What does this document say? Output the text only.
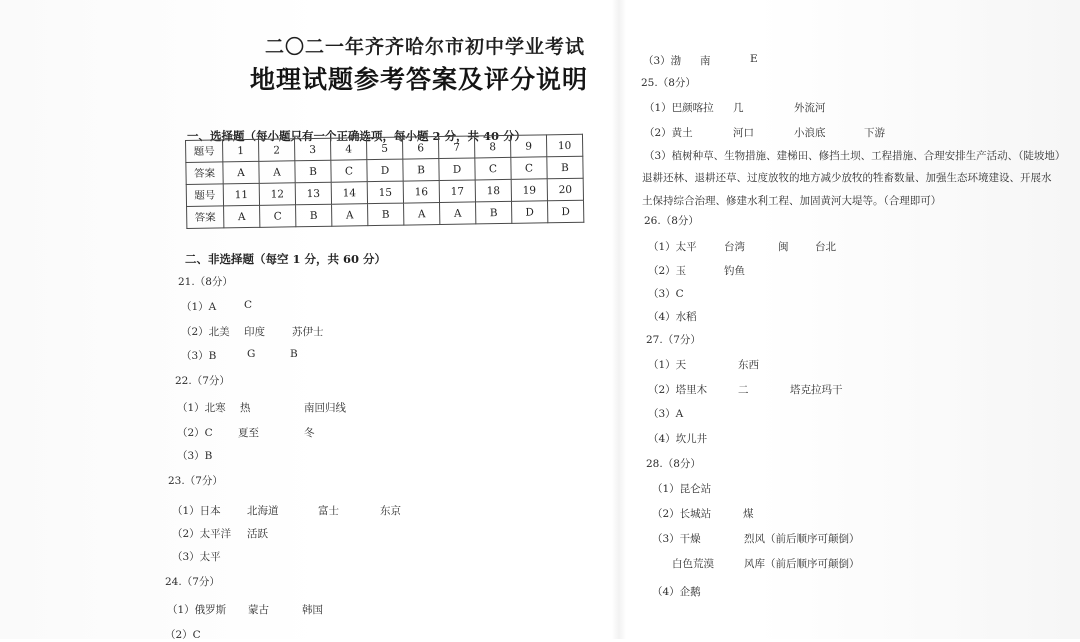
二〇二一年齐齐哈尔市初中学业考试
地理试题参考答案及评分说明
一、选择题（每小题只有一个正确选项，每小题 2 分，共 40 分）
题号	1	2	3	4	5	6	7	8	9	10
答案	A	A	B	C	D	B	D	C	C	B
题号	11	12	13	14	15	16	17	18	19	20
答案	A	C	B	A	B	A	A	B	D	D
二、非选择题（每空 1 分，共 60 分）
21.（8分）
（1）A	C
（2）北美 印度	苏伊士
（3）B	G	B
22.（7分）
（1）北寒 热	南回归线
（2）C 夏至	冬
（3）B
23.（7分）
（1）日本	北海道	富士	东京
（2）太平洋 活跃
（3）太平
24.（7分）
（1）俄罗斯 蒙古	韩国
（2）C
（3）渤 南	E
25.（8分）
（1）巴颜喀拉 几	外流河
（2）黄土	河口	小浪底	下游
（3）植树种草、生物措施、建梯田、修挡土坝、工程措施、合理安排生产活动、（陡坡地）
退耕还林、退耕还草、过度放牧的地方减少放牧的牲畜数量、加强生态环境建设、开展水
土保持综合治理、修建水利工程、加固黄河大堤等。（合理即可）
26.（8分）
（1）太平	台湾	闽	台北
（2）玉	钓鱼
（3）C
（4）水稻
27.（7分）
（1）天	东西
（2）塔里木	二	塔克拉玛干
（3）A
（4）坎儿井
28.（8分）
（1）昆仑站
（2）长城站	煤
（3）干燥	烈风（前后顺序可颠倒）
白色荒漠	风库（前后顺序可颠倒）
（4）企鹅
